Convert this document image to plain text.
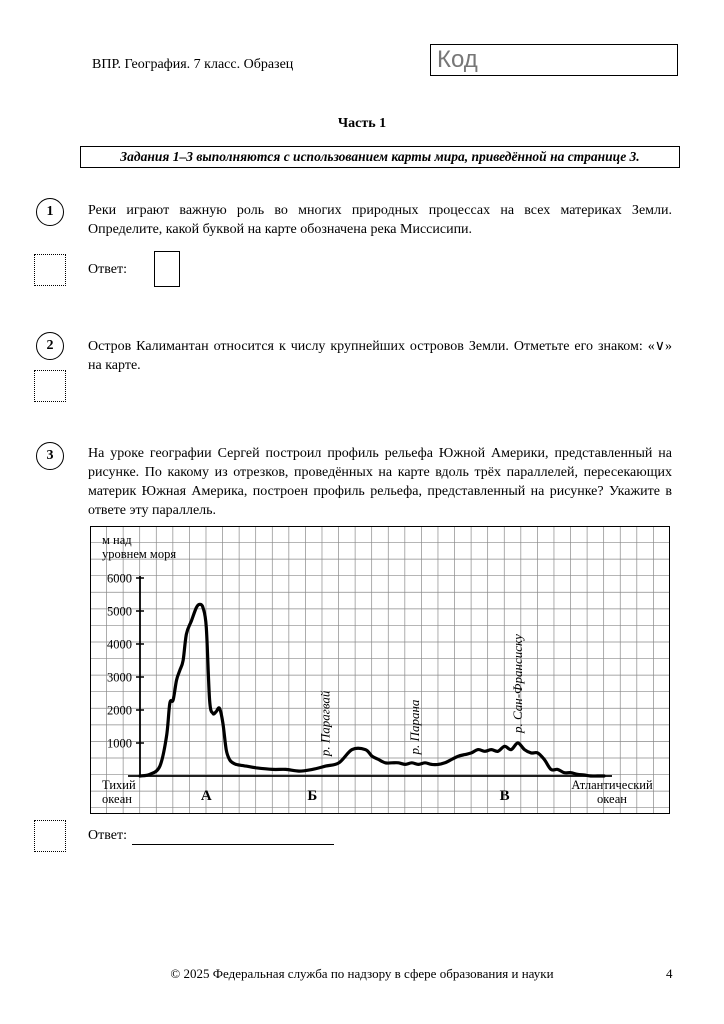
ВПР. География. 7 класс. Образец	Код
Часть 1
Задания 1–3 выполняются с использованием карты мира, приведённой на странице 3.
1	Реки играют важную роль во многих природных процессах на всех материках Земли. Определите, какой буквой на карте обозначена река Миссисипи.
Ответ:
2	Остров Калимантан относится к числу крупнейших островов Земли. Отметьте его знаком: «∨» на карте.
3	На уроке географии Сергей построил профиль рельефа Южной Америки, представленный на рисунке. По какому из отрезков, проведённых на карте вдоль трёх параллелей, пересекающих материк Южная Америка, построен профиль рельефа, представленный на рисунке? Укажите в ответе эту параллель.
м над
уровнем моря
6000
5000
4000
3000
2000
1000
А	Б	В
р. Парагвай	р. Парана	р. Сан-Франсиску
Тихий
океан
Атлантический
океан
Ответ:
© 2025 Федеральная служба по надзору в сфере образования и науки	4
